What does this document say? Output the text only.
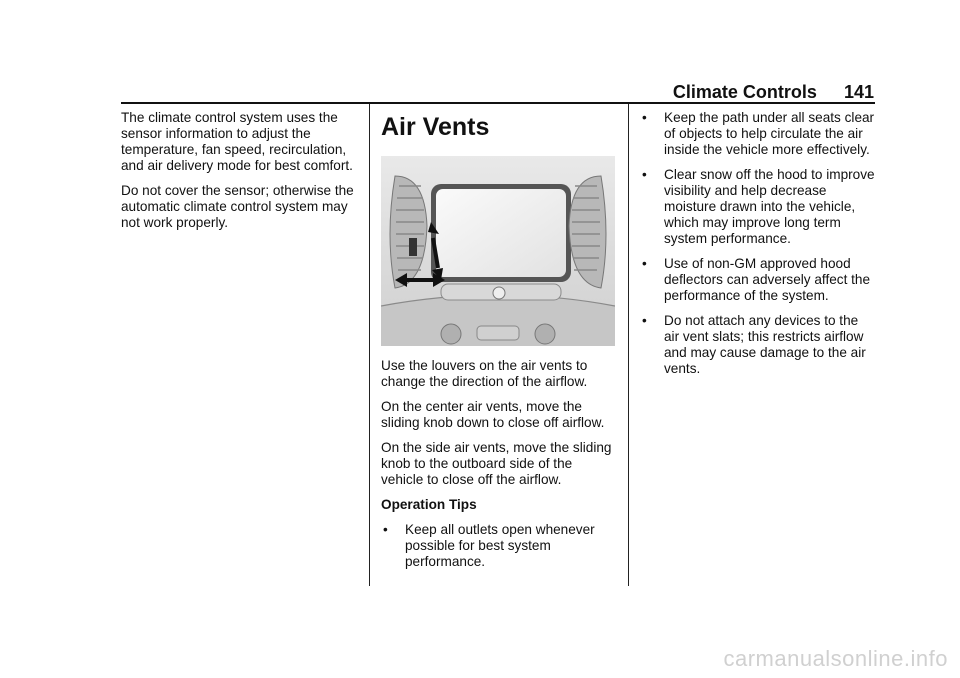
Climate Controls 141

The climate control system uses the sensor information to adjust the temperature, fan speed, recirculation, and air delivery mode for best comfort.

Do not cover the sensor; otherwise the automatic climate control system may not work properly.

Air Vents

Use the louvers on the air vents to change the direction of the airflow.

On the center air vents, move the sliding knob down to close off airflow.

On the side air vents, move the sliding knob to the outboard side of the vehicle to close off the airflow.

Operation Tips
• Keep all outlets open whenever possible for best system performance.
• Keep the path under all seats clear of objects to help circulate the air inside the vehicle more effectively.
• Clear snow off the hood to improve visibility and help decrease moisture drawn into the vehicle, which may improve long term system performance.
• Use of non-GM approved hood deflectors can adversely affect the performance of the system.
• Do not attach any devices to the air vent slats; this restricts airflow and may cause damage to the air vents.
carmanualsonline.info
